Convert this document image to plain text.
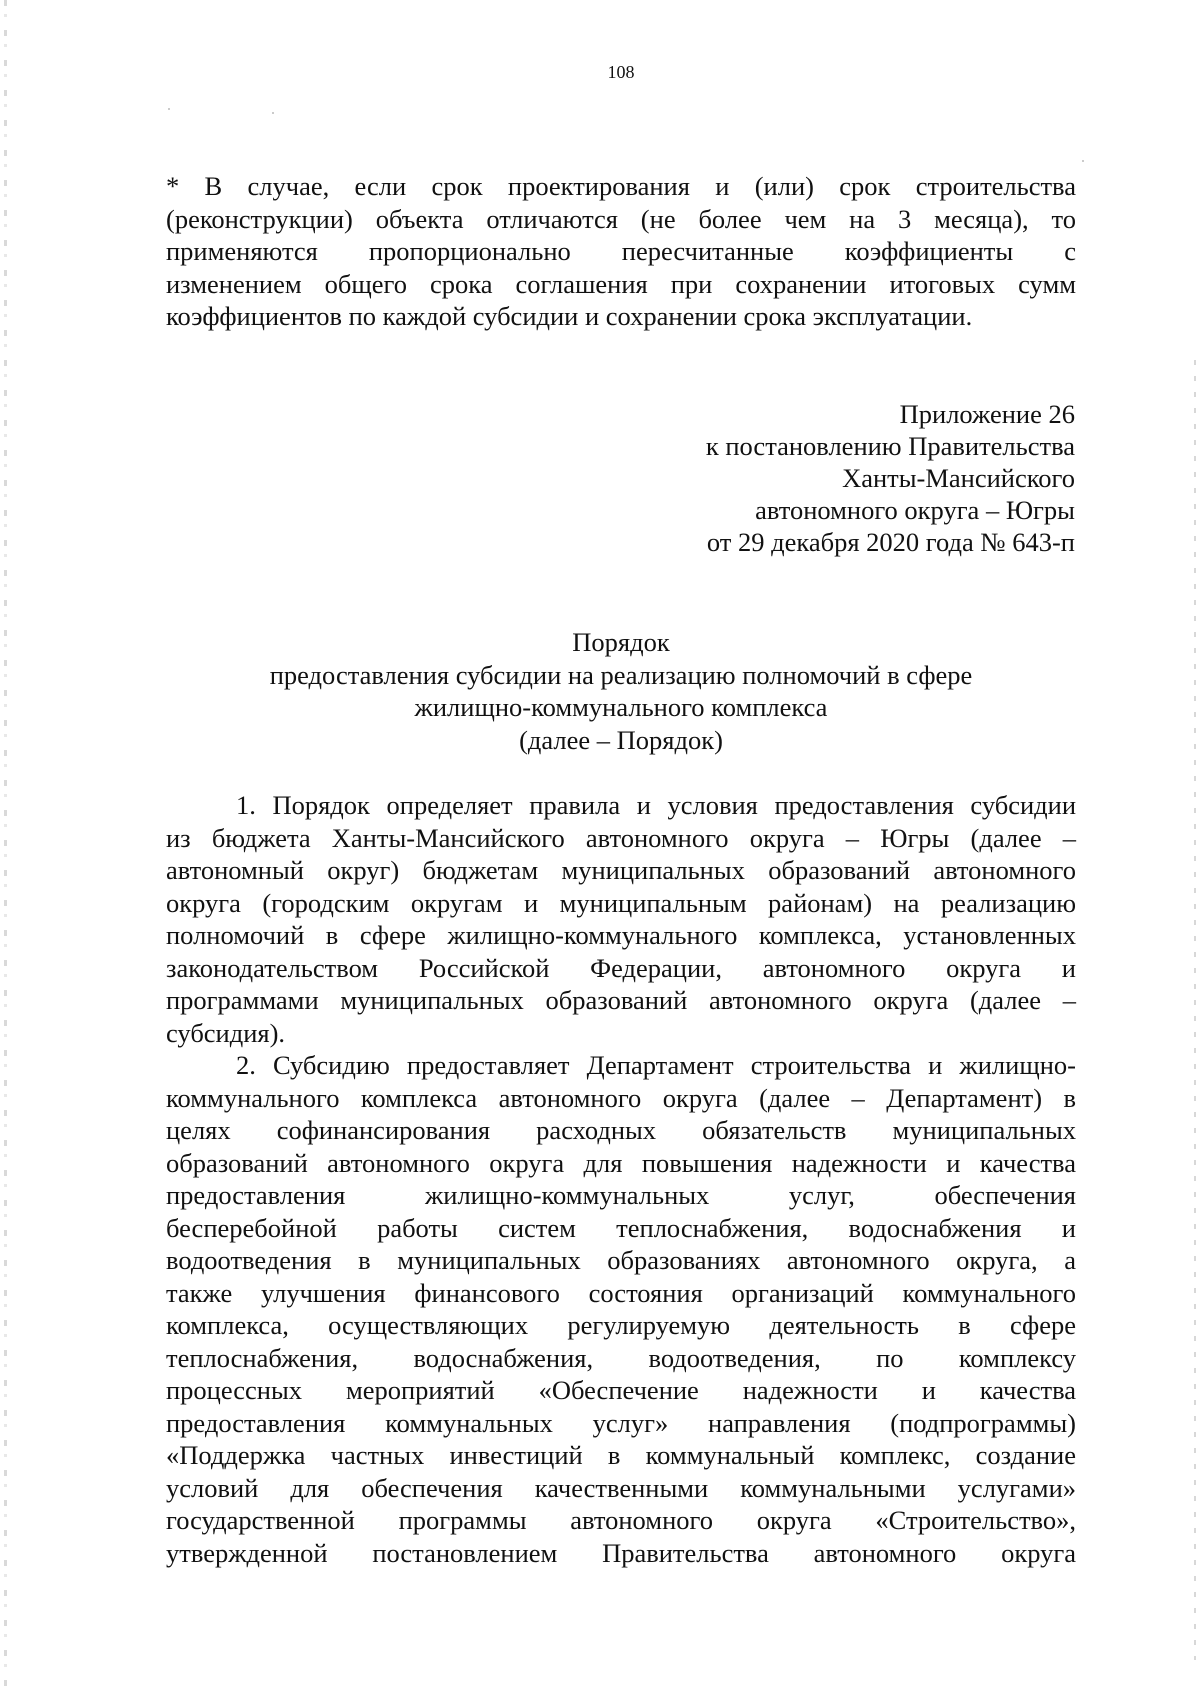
108
* В случае, если срок проектирования и (или) срок строительства
(реконструкции) объекта отличаются (не более чем на 3 месяца), то
применяются пропорционально пересчитанные коэффициенты с
изменением общего срока соглашения при сохранении итоговых сумм
коэффициентов по каждой субсидии и сохранении срока эксплуатации.
Приложение 26
к постановлению Правительства
Ханты-Мансийского
автономного округа – Югры
от 29 декабря 2020 года № 643-п
Порядок
предоставления субсидии на реализацию полномочий в сфере
жилищно-коммунального комплекса
(далее – Порядок)
1. Порядок определяет правила и условия предоставления субсидии
из бюджета Ханты-Мансийского автономного округа – Югры (далее –
автономный округ) бюджетам муниципальных образований автономного
округа (городским округам и муниципальным районам) на реализацию
полномочий в сфере жилищно-коммунального комплекса, установленных
законодательством Российской Федерации, автономного округа и
программами муниципальных образований автономного округа (далее –
субсидия).
2. Субсидию предоставляет Департамент строительства и жилищно-
коммунального комплекса автономного округа (далее – Департамент) в
целях софинансирования расходных обязательств муниципальных
образований автономного округа для повышения надежности и качества
предоставления жилищно-коммунальных услуг, обеспечения
бесперебойной работы систем теплоснабжения, водоснабжения и
водоотведения в муниципальных образованиях автономного округа, а
также улучшения финансового состояния организаций коммунального
комплекса, осуществляющих регулируемую деятельность в сфере
теплоснабжения, водоснабжения, водоотведения, по комплексу
процессных мероприятий «Обеспечение надежности и качества
предоставления коммунальных услуг» направления (подпрограммы)
«Поддержка частных инвестиций в коммунальный комплекс, создание
условий для обеспечения качественными коммунальными услугами»
государственной программы автономного округа «Строительство»,
утвержденной постановлением Правительства автономного округа
